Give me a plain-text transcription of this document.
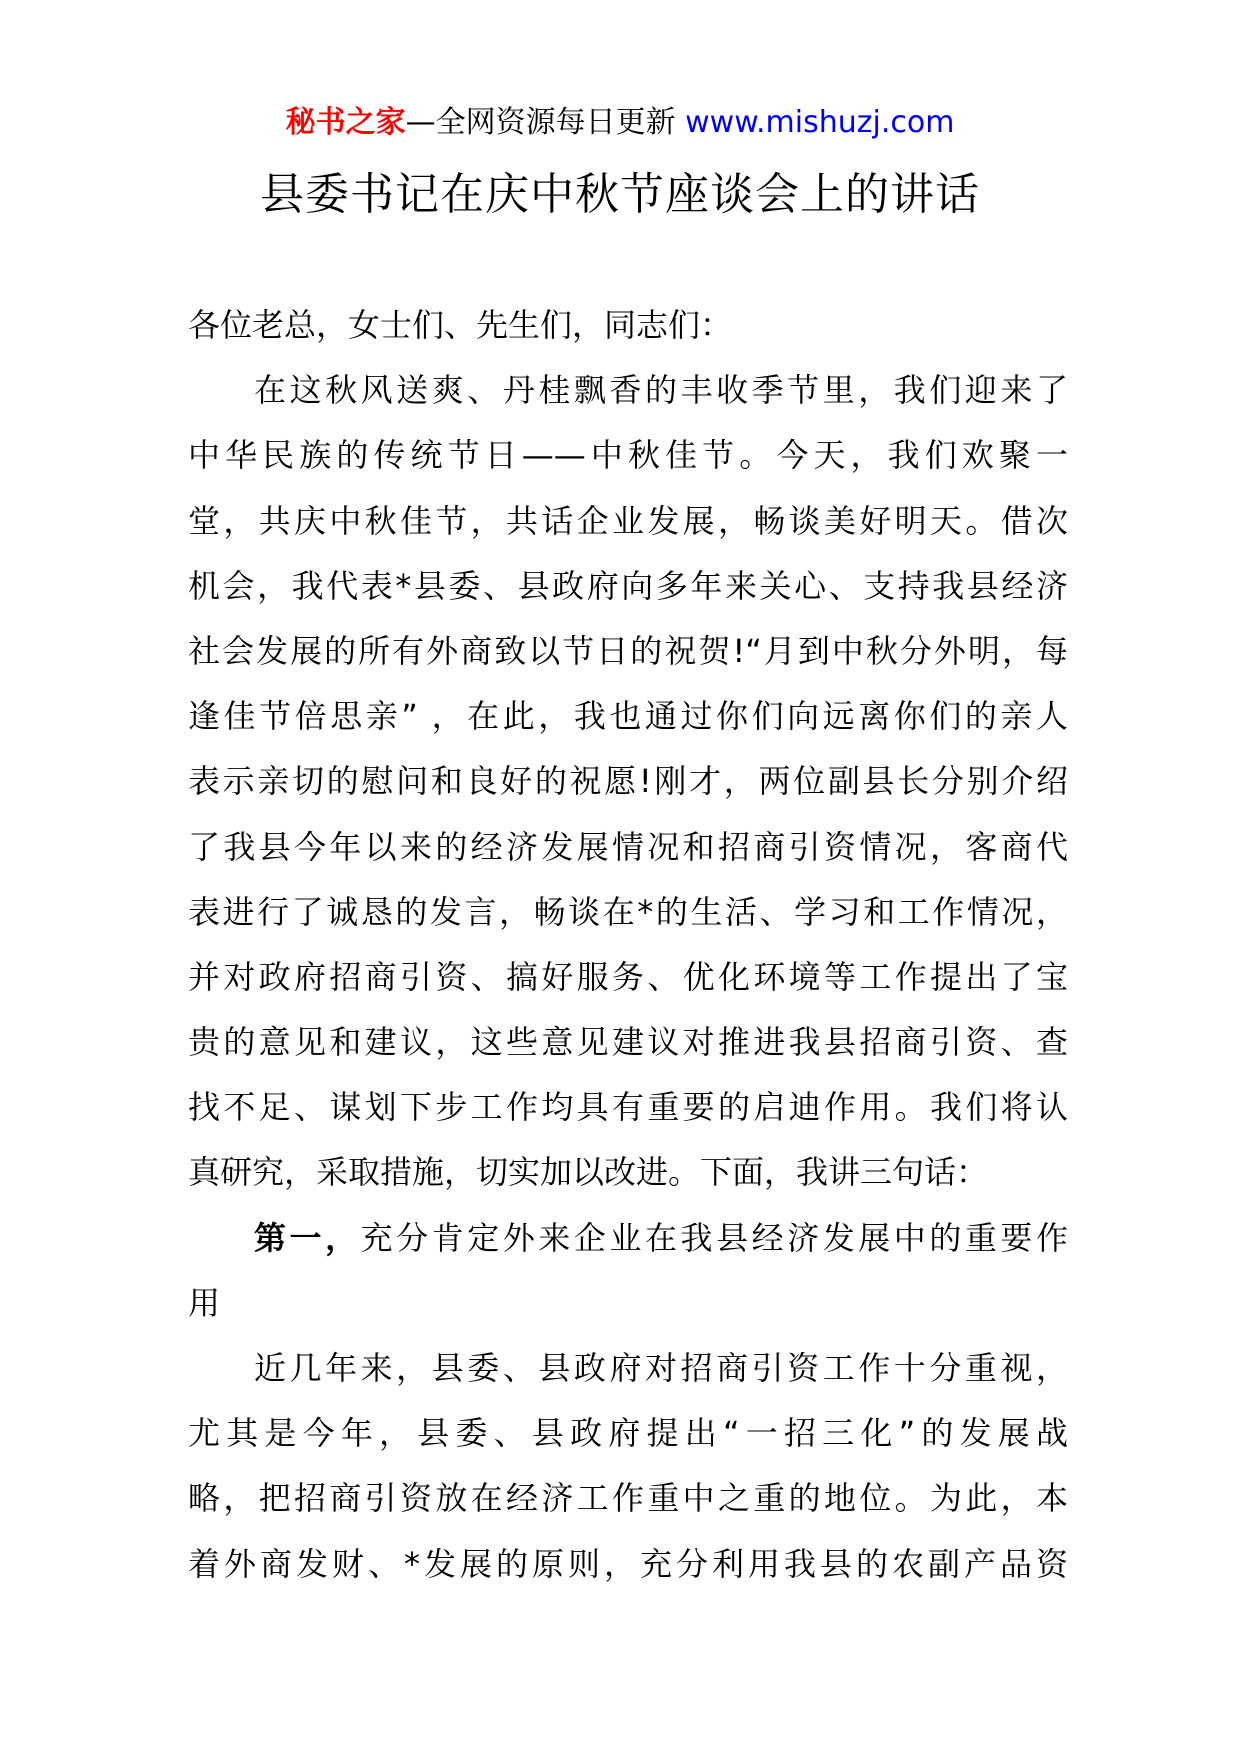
秘书之家—全网资源每日更新 www.mishuzj.com
县委书记在庆中秋节座谈会上的讲话
各位老总，女士们、先生们，同志们：
在这秋风送爽、丹桂飘香的丰收季节里，我们迎来了
中华民族的传统节日——中秋佳节。今天，我们欢聚一
堂，共庆中秋佳节，共话企业发展，畅谈美好明天。借次
机会，我代表*县委、县政府向多年来关心、支持我县经济
社会发展的所有外商致以节日的祝贺!“月到中秋分外明，每
逢佳节倍思亲” ，在此，我也通过你们向远离你们的亲人
表示亲切的慰问和良好的祝愿!刚才，两位副县长分别介绍
了我县今年以来的经济发展情况和招商引资情况，客商代
表进行了诚恳的发言，畅谈在*的生活、学习和工作情况，
并对政府招商引资、搞好服务、优化环境等工作提出了宝
贵的意见和建议，这些意见建议对推进我县招商引资、查
找不足、谋划下步工作均具有重要的启迪作用。我们将认
真研究，采取措施，切实加以改进。下面，我讲三句话：
第一，充分肯定外来企业在我县经济发展中的重要作
用
近几年来，县委、县政府对招商引资工作十分重视，
尤其是今年，县委、县政府提出“一招三化”的发展战
略，把招商引资放在经济工作重中之重的地位。为此，本
着外商发财、*发展的原则，充分利用我县的农副产品资
